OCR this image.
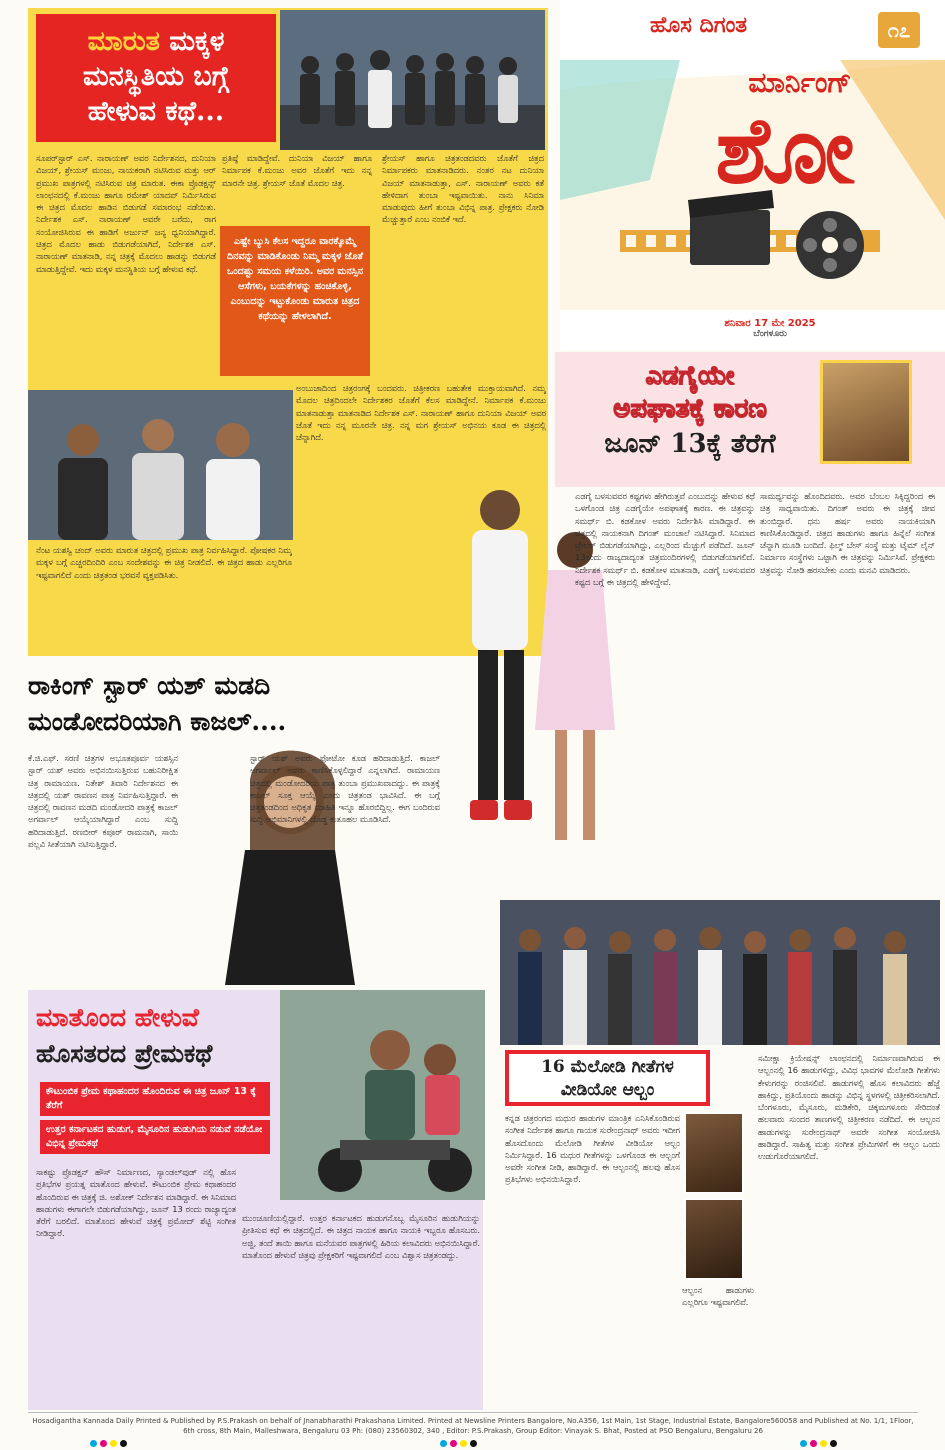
ಮಾರುತ ಮಕ್ಕಳ
ಮನಸ್ಥಿತಿಯ ಬಗ್ಗೆ
ಹೇಳುವ ಕಥೆ...
ಸೂಪರ್‌ಸ್ಟಾರ್ ಎಸ್. ನಾರಾಯಣ್ ಅವರ ನಿರ್ದೇಶನದ, ದುನಿಯಾ ವಿಜಯ್, ಶ್ರೇಯಸ್ ಮಂಜು, ನಾಯಕರಾಗಿ ನಟಿಸಿರುವ ಮತ್ತು ಆರ್ ಪ್ರಮುಖ ಪಾತ್ರಗಳಲ್ಲಿ ನಟಿಸಿರುವ ಚಿತ್ರ ಮಾರುತ. ಈಕಾ ಪ್ರೊಡಕ್ಷನ್ಸ್ ಲಾಂಛನದಲ್ಲಿ ಕೆ.ಮಂಜು ಹಾಗೂ ರಮೇಶ್ ಯಾದವ್ ನಿರ್ಮಿಸಿರುವ ಈ ಚಿತ್ರದ ಮೊದಲ ಹಾಡಿನ ಬಿಡುಗಡೆ ಸಮಾರಂಭ ನಡೆಯಿತು. ನಿರ್ದೇಶಕ ಎಸ್. ನಾರಾಯಣ್ ಅವರೇ ಬರೆದು, ರಾಗ ಸಂಯೋಜಿಸಿರುವ ಈ ಹಾಡಿಗೆ ಅರ್ಜುನ್ ಜನ್ಯ ಧ್ವನಿಯಾಗಿದ್ದಾರೆ. ಚಿತ್ರದ ಮೊದಲ ಹಾಡು ಬಿಡುಗಡೆಯಾಗಿದೆ, ನಿರ್ದೇಶಕ ಎಸ್. ನಾರಾಯಣ್ ಮಾತನಾಡಿ, ನನ್ನ ಚಿತ್ರಕ್ಕೆ ಮೊದಲು ಹಾಡನ್ನು ಬಿಡುಗಡೆ ಮಾಡುತ್ತಿದ್ದೇವೆ. ಇದು ಮಕ್ಕಳ ಮನಸ್ಥಿತಿಯ ಬಗ್ಗೆ ಹೇಳುವ ಕಥೆ.
ಪ್ರತಿಷ್ಠೆ ಮಾಡಿದ್ದೇವೆ. ದುನಿಯಾ ವಿಜಯ್ ಹಾಗೂ ನಿರ್ಮಾಪಕ ಕೆ.ಮಂಜು ಅವರ ಜೊತೆಗೆ ಇದು ನನ್ನ ಮಾರನೇ ಚಿತ್ರ. ಶ್ರೇಯಸ್ ಜೊತೆ ಮೊದಲ ಚಿತ್ರ.

ಎಷ್ಟೇ ಬ್ಯುಸಿ ಕೆಲಸ ಇದ್ದರೂ ವಾರಕ್ಕೊಮ್ಮೆ ದಿನವನ್ನು ಮಾಡಿಕೊಂಡು ನಿಮ್ಮ ಮಕ್ಕಳ ಜೊತೆ ಒಂದಷ್ಟು ಸಮಯ ಕಳೆಯಿರಿ. ಅವರ ಮನಸ್ಸಿನ ಆಸೆಗಳು, ಬಯಕೆಗಳನ್ನು ಹಂಚಿಕೊಳ್ಳಿ, ಎಂಬುದನ್ನು ಇಟ್ಟುಕೊಂಡು ಮಾರುತ ಚಿತ್ರದ ಕಥೆಯನ್ನು ಹೇಳಲಾಗಿದೆ.

ಶ್ರೇಯಸ್ ಹಾಗೂ ಚಿತ್ರತಂಡದವರು ಜೊತೆಗೆ ಚಿತ್ರದ ನಿರ್ಮಾಪಕರು ಮಾತನಾಡಿದರು. ನಂತರ ನಟ ದುನಿಯಾ ವಿಜಯ್ ಮಾತನಾಡುತ್ತಾ, ಎಸ್. ನಾರಾಯಣ್ ಅವರು ಕತೆ ಹೇಳಿದಾಗ ತುಂಬಾ ಇಷ್ಟವಾಯಿತು. ನಾನು ಸಿನಿಮಾ ಮಾಡುವುದು ಹೀಗೆ ತುಂಬಾ ವಿಭಿನ್ನ ಪಾತ್ರ. ಪ್ರೇಕ್ಷಕರು ನೋಡಿ ಮೆಚ್ಚುತ್ತಾರೆ ಎಂಬ ನಂಬಿಕೆ ಇದೆ.
ಅಂಬುಜಾದಿಂದ ಚಿತ್ರರಂಗಕ್ಕೆ ಬಂದವರು. ಚಿತ್ರೀಕರಣ ಬಹುತೇಕ ಮುಕ್ತಾಯವಾಗಿದೆ. ನಮ್ಮ ಮೊದಲ ಚಿತ್ರದಿಂದಲೇ ನಿರ್ದೇಶಕರ ಜೊತೆಗೆ ಕೆಲಸ ಮಾಡಿದ್ದೇನೆ. ನಿರ್ಮಾಪಕ ಕೆ.ಮಂಜು ಮಾತನಾಡುತ್ತಾ ಮಾತನಾಡಿದ ನಿರ್ದೇಶಕ ಎಸ್. ನಾರಾಯಣ್ ಹಾಗೂ ದುನಿಯಾ ವಿಜಯ್ ಅವರ ಜೊತೆ ಇದು ನನ್ನ ಮೂರನೇ ಚಿತ್ರ. ನನ್ನ ಮಗ ಶ್ರೇಯಸ್ ಅಭಿನಯ ಕೂಡ ಈ ಚಿತ್ರದಲ್ಲಿ ಚೆನ್ನಾಗಿದೆ.
ನೆಂಟ ಯಶಸ್ವಿ ಚಂದ್ ಅವರು ಮಾರುತ ಚಿತ್ರದಲ್ಲಿ ಪ್ರಮುಖ ಪಾತ್ರ ನಿರ್ವಹಿಸಿದ್ದಾರೆ. ಪೋಷಕರ ನಿಮ್ಮ ಮಕ್ಕಳ ಬಗ್ಗೆ ಎಚ್ಚರದಿಂದಿರಿ ಎಂಬ ಸಂದೇಶವನ್ನು ಈ ಚಿತ್ರ ನೀಡಲಿದೆ. ಈ ಚಿತ್ರದ ಹಾಡು ಎಲ್ಲರಿಗೂ ಇಷ್ಟವಾಗಲಿದೆ ಎಂದು ಚಿತ್ರತಂಡ ಭರವಸೆ ವ್ಯಕ್ತಪಡಿಸಿತು.
ಹೊಸ ದಿಗಂತ	೧೭
ಮಾರ್ನಿಂಗ್
ಶೋ
ಶನಿವಾರ 17 ಮೇ 2025
ಬೆಂಗಳೂರು
ಎಡಗೈಯೇ
ಅಪಘಾತಕ್ಕೆ ಕಾರಣ
ಜೂನ್ 13ಕ್ಕೆ ತೆರೆಗೆ
ಎಡಗೈ ಬಳಸುವವರ ಕಷ್ಟಗಳು ಹೇಗಿರುತ್ತವೆ ಎಂಬುದನ್ನು ಹೇಳುವ ಕಥೆ ಒಳಗೊಂಡ ಚಿತ್ರ ಎಡಗೈಯೇ ಅಪಘಾತಕ್ಕೆ ಕಾರಣ. ಈ ಚಿತ್ರವನ್ನು ಸಮರ್ಥ್ ಬಿ. ಕಡಕೋಳ ಅವರು ನಿರ್ದೇಶಿಸಿ ಮಾಡಿದ್ದಾರೆ. ಈ ಚಿತ್ರದಲ್ಲಿ ನಾಯಕನಾಗಿ ದಿಗಂತ್ ಮಂಚಾಲೆ ನಟಿಸಿದ್ದಾರೆ. ಸಿನಿಮಾದ ಟ್ರೇಲರ್ ಬಿಡುಗಡೆಯಾಗಿದ್ದು, ಎಲ್ಲರಿಂದ ಮೆಚ್ಚುಗೆ ಪಡೆದಿದೆ. ಜೂನ್ 13ರಂದು ರಾಜ್ಯದಾದ್ಯಂತ ಚಿತ್ರಮಂದಿರಗಳಲ್ಲಿ ಬಿಡುಗಡೆಯಾಗಲಿದೆ. ನಿರ್ದೇಶಕ ಸಮರ್ಥ್ ಬಿ. ಕಡಕೋಳ ಮಾತನಾಡಿ, ಎಡಗೈ ಬಳಸುವವರ ಕಷ್ಟದ ಬಗ್ಗೆ ಈ ಚಿತ್ರದಲ್ಲಿ ಹೇಳಿದ್ದೇವೆ.
ಸಾಮರ್ಥ್ಯವನ್ನು ಹೊಂದಿದವರು. ಅವರ ಬೆಂಬಲ ಸಿಕ್ಕಿದ್ದರಿಂದ ಈ ಚಿತ್ರ ಸಾಧ್ಯವಾಯಿತು. ದಿಗಂತ್ ಅವರು ಈ ಚಿತ್ರಕ್ಕೆ ಜೀವ ತುಂಬಿದ್ದಾರೆ. ಧನು ಹರ್ಷ ಅವರು ನಾಯಕಿಯಾಗಿ ಕಾಣಿಸಿಕೊಂಡಿದ್ದಾರೆ. ಚಿತ್ರದ ಹಾಡುಗಳು ಹಾಗೂ ಹಿನ್ನೆಲೆ ಸಂಗೀತ ಚೆನ್ನಾಗಿ ಮೂಡಿ ಬಂದಿದೆ. ಫಿಲ್ಮ್ ಬೇಸ್ ಸಂಸ್ಥೆ ಮತ್ತು ಟೈಮ್ ಲೈನ್ ನಿರ್ಮಾಣ ಸಂಸ್ಥೆಗಳು ಒಟ್ಟಾಗಿ ಈ ಚಿತ್ರವನ್ನು ನಿರ್ಮಿಸಿವೆ. ಪ್ರೇಕ್ಷಕರು ಚಿತ್ರವನ್ನು ನೋಡಿ ಹರಸಬೇಕು ಎಂದು ಮನವಿ ಮಾಡಿದರು.
ರಾಕಿಂಗ್ ಸ್ಟಾರ್ ಯಶ್ ಮಡದಿ
ಮಂಡೋದರಿಯಾಗಿ ಕಾಜಲ್....
ಕೆ.ಜಿ.ಎಫ್. ಸರಣಿ ಚಿತ್ರಗಳ ಅಭೂತಪೂರ್ವ ಯಶಸ್ಸಿನ ಸ್ಟಾರ್ ಯಶ್ ಅವರು ಅಭಿನಯಿಸುತ್ತಿರುವ ಬಹುನಿರೀಕ್ಷಿತ ಚಿತ್ರ ರಾಮಾಯಣ. ನಿತೇಶ್ ತಿವಾರಿ ನಿರ್ದೇಶನದ ಈ ಚಿತ್ರದಲ್ಲಿ ಯಶ್ ರಾವಣನ ಪಾತ್ರ ನಿರ್ವಹಿಸುತ್ತಿದ್ದಾರೆ. ಈ ಚಿತ್ರದಲ್ಲಿ ರಾವಣನ ಮಡದಿ ಮಂಡೋದರಿ ಪಾತ್ರಕ್ಕೆ ಕಾಜಲ್ ಅಗರ್ವಾಲ್ ಆಯ್ಕೆಯಾಗಿದ್ದಾರೆ ಎಂಬ ಸುದ್ದಿ ಹರಿದಾಡುತ್ತಿದೆ. ರಣಬೀರ್ ಕಪೂರ್ ರಾಮನಾಗಿ, ಸಾಯಿ ಪಲ್ಲವಿ ಸೀತೆಯಾಗಿ ನಟಿಸುತ್ತಿದ್ದಾರೆ.
ಸ್ಟಾರ್ ಯಶ್ ಅವರು ಫೋಟೋ ಕೂಡ ಹರಿದಾಡುತ್ತಿದೆ. ಕಾಜಲ್ ಅಗರ್ವಾಲ್ ಅವರು ಕಾಣಿಸಿಕೊಳ್ಳಲಿದ್ದಾರೆ ಎನ್ನಲಾಗಿದೆ. ರಾಮಾಯಣ ಚಿತ್ರದಲ್ಲಿ ಮಂಡೋದರಿಯ ಪಾತ್ರ ತುಂಬಾ ಪ್ರಮುಖವಾದದ್ದು. ಈ ಪಾತ್ರಕ್ಕೆ ಕಾಜಲ್ ಸೂಕ್ತ ಆಯ್ಕೆ ಎಂದು ಚಿತ್ರತಂಡ ಭಾವಿಸಿದೆ. ಈ ಬಗ್ಗೆ ಚಿತ್ರತಂಡದಿಂದ ಅಧಿಕೃತ ಮಾಹಿತಿ ಇನ್ನೂ ಹೊರಬಿದ್ದಿಲ್ಲ. ಈಗ ಬಂದಿರುವ ಸುದ್ದಿ ಅಭಿಮಾನಿಗಳಲ್ಲಿ ದೊಡ್ಡ ಕುತೂಹಲ ಮೂಡಿಸಿದೆ.
ಮಾತೊಂದ ಹೇಳುವೆ
ಹೊಸತರದ ಪ್ರೇಮಕಥೆ
ಕೌಟುಂಬಿಕ ಪ್ರೇಮ ಕಥಾಹಂದರ ಹೊಂದಿರುವ ಈ ಚಿತ್ರ ಜೂನ್ 13 ಕ್ಕೆ ತೆರೆಗೆ
ಉತ್ತರ ಕರ್ನಾಟಕದ ಹುಡುಗ, ಮೈಸೂರಿನ ಹುಡುಗಿಯ ನಡುವೆ ನಡೆಯೋ ವಿಭಿನ್ನ ಪ್ರೇಮಕಥೆ
ಸಾಕಷ್ಟು ಪ್ರೊಡಕ್ಷನ್ ಹೌಸ್ ನಿರ್ಮಾಣದ, ಸ್ಯಾಂಡಲ್‌ವುಡ್ ನಲ್ಲಿ ಹೊಸ ಪ್ರತಿಭೆಗಳ ಪ್ರಯತ್ನ ಮಾತೊಂದ ಹೇಳುವೆ. ಕೌಟುಂಬಿಕ ಪ್ರೇಮ ಕಥಾಹಂದರ ಹೊಂದಿರುವ ಈ ಚಿತ್ರಕ್ಕೆ ಜಿ. ಅಶೋಕ್ ನಿರ್ದೇಶನ ಮಾಡಿದ್ದಾರೆ. ಈ ಸಿನಿಮಾದ ಹಾಡುಗಳು ಈಗಾಗಲೇ ಬಿಡುಗಡೆಯಾಗಿದ್ದು, ಜೂನ್ 13 ರಂದು ರಾಜ್ಯಾದ್ಯಂತ ತೆರೆಗೆ ಬರಲಿದೆ. ಮಾತೊಂದ ಹೇಳುವೆ ಚಿತ್ರಕ್ಕೆ ಪ್ರಮೋದ್ ಶೆಟ್ಟಿ ಸಂಗೀತ ನೀಡಿದ್ದಾರೆ.
ಮುಂಚೂಣಿಯಲ್ಲಿದ್ದಾರೆ. ಉತ್ತರ ಕರ್ನಾಟಕದ ಹುಡುಗನೊಬ್ಬ ಮೈಸೂರಿನ ಹುಡುಗಿಯನ್ನು ಪ್ರೀತಿಸುವ ಕಥೆ ಈ ಚಿತ್ರದಲ್ಲಿದೆ. ಈ ಚಿತ್ರದ ನಾಯಕ ಹಾಗೂ ನಾಯಕಿ ಇಬ್ಬರೂ ಹೊಸಬರು. ಅಜ್ಜಿ, ತಂದೆ ತಾಯಿ ಹಾಗೂ ಮನೆಯವರ ಪಾತ್ರಗಳಲ್ಲಿ ಹಿರಿಯ ಕಲಾವಿದರು ಅಭಿನಯಿಸಿದ್ದಾರೆ. ಮಾತೊಂದ ಹೇಳುವೆ ಚಿತ್ರವು ಪ್ರೇಕ್ಷಕರಿಗೆ ಇಷ್ಟವಾಗಲಿದೆ ಎಂಬ ವಿಶ್ವಾಸ ಚಿತ್ರತಂಡದ್ದು.
16 ಮೆಲೋಡಿ ಗೀತೆಗಳ
ವೀಡಿಯೋ ಆಲ್ಬಂ
ಕನ್ನಡ ಚಿತ್ರರಂಗದ ಮಧುರ ಹಾಡುಗಳ ಮಾಂತ್ರಿಕ ಎನಿಸಿಕೊಂಡಿರುವ ಸಂಗೀತ ನಿರ್ದೇಶಕ ಹಾಗೂ ಗಾಯಕ ಸುರೇಂದ್ರನಾಥ್ ಅವರು ಇದೀಗ ಹೊಸದೊಂದು ಮೆಲೋಡಿ ಗೀತೆಗಳ ವೀಡಿಯೋ ಆಲ್ಬಂ ನಿರ್ಮಿಸಿದ್ದಾರೆ. 16 ಮಧುರ ಗೀತೆಗಳನ್ನು ಒಳಗೊಂಡ ಈ ಆಲ್ಬಂಗೆ ಅವರೇ ಸಂಗೀತ ನೀಡಿ, ಹಾಡಿದ್ದಾರೆ. ಈ ಆಲ್ಬಂನಲ್ಲಿ ಹಲವು ಹೊಸ ಪ್ರತಿಭೆಗಳು ಅಭಿನಯಿಸಿದ್ದಾರೆ.
ಆಲ್ಬಂನ ಹಾಡುಗಳು ಎಲ್ಲರಿಗೂ ಇಷ್ಟವಾಗಲಿವೆ.
ಸಮೀಕ್ಷಾ ಕ್ರಿಯೇಷನ್ಸ್ ಲಾಂಛನದಲ್ಲಿ ನಿರ್ಮಾಣವಾಗಿರುವ ಈ ಆಲ್ಬಂನಲ್ಲಿ 16 ಹಾಡುಗಳಿದ್ದು, ವಿವಿಧ ಭಾವಗಳ ಮೆಲೋಡಿ ಗೀತೆಗಳು ಕೇಳುಗರನ್ನು ರಂಜಿಸಲಿವೆ. ಹಾಡುಗಳಲ್ಲಿ ಹೊಸ ಕಲಾವಿದರು ಹೆಜ್ಜೆ ಹಾಕಿದ್ದು, ಪ್ರತಿಯೊಂದು ಹಾಡನ್ನು ವಿಭಿನ್ನ ಸ್ಥಳಗಳಲ್ಲಿ ಚಿತ್ರೀಕರಿಸಲಾಗಿದೆ. ಬೆಂಗಳೂರು, ಮೈಸೂರು, ಮಡಿಕೇರಿ, ಚಿಕ್ಕಮಗಳೂರು ಸೇರಿದಂತೆ ಹಲವಾರು ಸುಂದರ ತಾಣಗಳಲ್ಲಿ ಚಿತ್ರೀಕರಣ ನಡೆದಿದೆ. ಈ ಆಲ್ಬಂನ ಹಾಡುಗಳನ್ನು ಸುರೇಂದ್ರನಾಥ್ ಅವರೇ ಸಂಗೀತ ಸಂಯೋಜಿಸಿ ಹಾಡಿದ್ದಾರೆ. ಸಾಹಿತ್ಯ ಮತ್ತು ಸಂಗೀತ ಪ್ರೇಮಿಗಳಿಗೆ ಈ ಆಲ್ಬಂ ಒಂದು ಉಡುಗೊರೆಯಾಗಲಿದೆ.
Hosadigantha Kannada Daily Printed & Published by P.S.Prakash on behalf of Jnanabharathi Prakashana Limited. Printed at Newsline Printers Bangalore, No.A356, 1st Main, 1st Stage, Industrial Estate, Bangalore560058 and Published at No. 1/1, 1Floor,
6th cross, 8th Main, Malleshwara, Bengaluru 03 Ph: (080) 23560302, 340 , Editor: P.S.Prakash, Group Editor: Vinayak S. Bhat, Posted at PSO Bengaluru, Bengaluru 26
